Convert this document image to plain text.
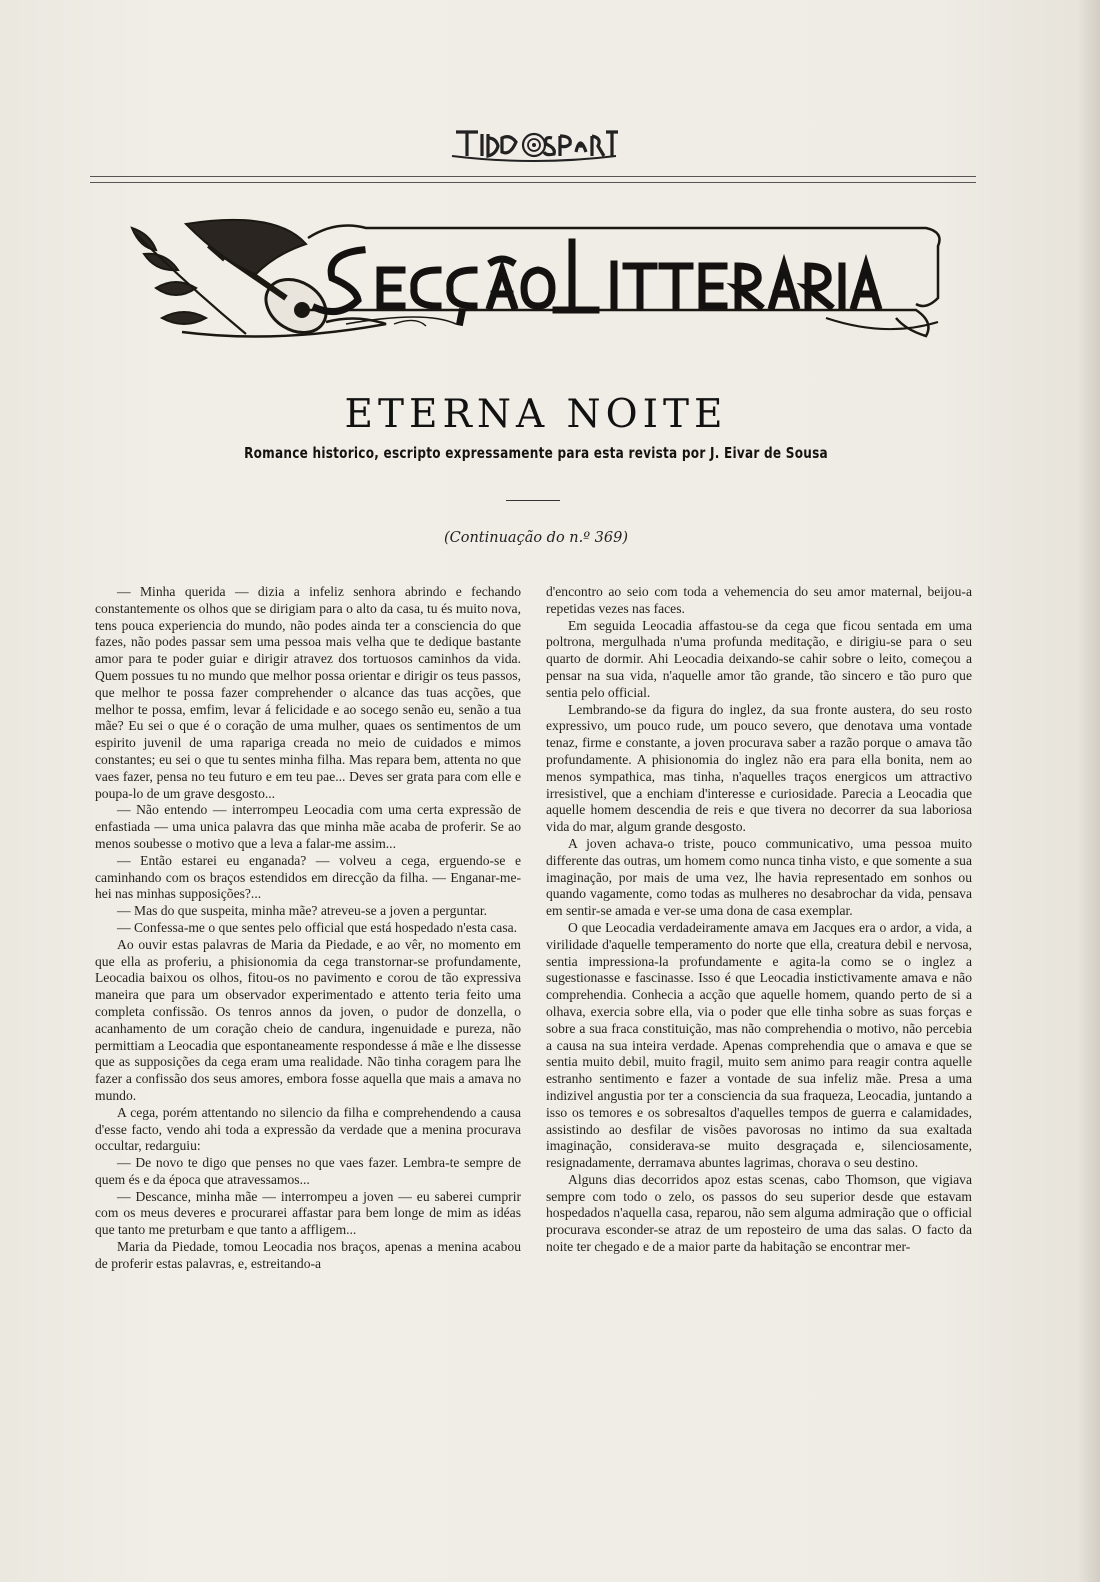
ETERNA NOITE
Romance historico, escripto expressamente para esta revista por J. Eivar de Sousa
(Continuação do n.º 369)

— Minha querida — dizia a infeliz senhora abrindo e fechando constantemente os olhos que se dirigiam para o alto da casa, tu és muito nova, tens pouca experiencia do mundo, não podes ainda ter a consciencia do que fazes, não podes passar sem uma pessoa mais velha que te dedique bastante amor para te poder guiar e dirigir atravez dos tortuosos caminhos da vida. Quem possues tu no mundo que melhor possa orientar e dirigir os teus passos, que melhor te possa fazer comprehender o alcance das tuas acções, que melhor te possa, emfim, levar á felicidade e ao socego senão eu, senão a tua mãe? Eu sei o que é o coração de uma mulher, quaes os sentimentos de um espirito juvenil de uma rapariga creada no meio de cuidados e mimos constantes; eu sei o que tu sentes minha filha. Mas repara bem, attenta no que vaes fazer, pensa no teu futuro e em teu pae... Deves ser grata para com elle e poupa-lo de um grave desgosto...

— Não entendo — interrompeu Leocadia com uma certa expressão de enfastiada — uma unica palavra das que minha mãe acaba de proferir. Se ao menos soubesse o motivo que a leva a falar-me assim...

— Então estarei eu enganada? — volveu a cega, erguendo-se e caminhando com os braços estendidos em direcção da filha. — Enganar-me-hei nas minhas supposições?...

— Mas do que suspeita, minha mãe? atreveu-se a joven a perguntar.

— Confessa-me o que sentes pelo official que está hospedado n'esta casa.

Ao ouvir estas palavras de Maria da Piedade, e ao vêr, no momento em que ella as proferiu, a phisionomia da cega transtornar-se profundamente, Leocadia baixou os olhos, fitou-os no pavimento e corou de tão expressiva maneira que para um observador experimentado e attento teria feito uma completa confissão. Os tenros annos da joven, o pudor de donzella, o acanhamento de um coração cheio de candura, ingenuidade e pureza, não permittiam a Leocadia que espontaneamente respondesse á mãe e lhe dissesse que as supposições da cega eram uma realidade. Não tinha coragem para lhe fazer a confissão dos seus amores, embora fosse aquella que mais a amava no mundo.

A cega, porém attentando no silencio da filha e comprehendendo a causa d'esse facto, vendo ahi toda a expressão da verdade que a menina procurava occultar, redarguiu:

— De novo te digo que penses no que vaes fazer. Lembra-te sempre de quem és e da época que atravessamos...

— Descance, minha mãe — interrompeu a joven — eu saberei cumprir com os meus deveres e procurarei affastar para bem longe de mim as idéas que tanto me preturbam e que tanto a affligem...

Maria da Piedade, tomou Leocadia nos braços, apenas a menina acabou de proferir estas palavras, e, estreitando-a

d'encontro ao seio com toda a vehemencia do seu amor maternal, beijou-a repetidas vezes nas faces.

Em seguida Leocadia affastou-se da cega que ficou sentada em uma poltrona, mergulhada n'uma profunda meditação, e dirigiu-se para o seu quarto de dormir. Ahi Leocadia deixando-se cahir sobre o leito, começou a pensar na sua vida, n'aquelle amor tão grande, tão sincero e tão puro que sentia pelo official.

Lembrando-se da figura do inglez, da sua fronte austera, do seu rosto expressivo, um pouco rude, um pouco severo, que denotava uma vontade tenaz, firme e constante, a joven procurava saber a razão porque o amava tão profundamente. A phisionomia do inglez não era para ella bonita, nem ao menos sympathica, mas tinha, n'aquelles traços energicos um attractivo irresistivel, que a enchiam d'interesse e curiosidade. Parecia a Leocadia que aquelle homem descendia de reis e que tivera no decorrer da sua laboriosa vida do mar, algum grande desgosto.

A joven achava-o triste, pouco communicativo, uma pessoa muito differente das outras, um homem como nunca tinha visto, e que somente a sua imaginação, por mais de uma vez, lhe havia representado em sonhos ou quando vagamente, como todas as mulheres no desabrochar da vida, pensava em sentir-se amada e ver-se uma dona de casa exemplar.

O que Leocadia verdadeiramente amava em Jacques era o ardor, a vida, a virilidade d'aquelle temperamento do norte que ella, creatura debil e nervosa, sentia impressiona-la profundamente e agita-la como se o inglez a sugestionasse e fascinasse. Isso é que Leocadia instictivamente amava e não comprehendia. Conhecia a acção que aquelle homem, quando perto de si a olhava, exercia sobre ella, via o poder que elle tinha sobre as suas forças e sobre a sua fraca constituição, mas não comprehendia o motivo, não percebia a causa na sua inteira verdade. Apenas comprehendia que o amava e que se sentia muito debil, muito fragil, muito sem animo para reagir contra aquelle estranho sentimento e fazer a vontade de sua infeliz mãe. Presa a uma indizivel angustia por ter a consciencia da sua fraqueza, Leocadia, juntando a isso os temores e os sobresaltos d'aquelles tempos de guerra e calamidades, assistindo ao desfilar de visões pavorosas no intimo da sua exaltada imaginação, considerava-se muito desgraçada e, silenciosamente, resignadamente, derramava abuntes lagrimas, chorava o seu destino.

Alguns dias decorridos apoz estas scenas, cabo Thomson, que vigiava sempre com todo o zelo, os passos do seu superior desde que estavam hospedados n'aquella casa, reparou, não sem alguma admiração que o official procurava esconder-se atraz de um reposteiro de uma das salas. O facto da noite ter chegado e de a maior parte da habitação se encontrar mer-
